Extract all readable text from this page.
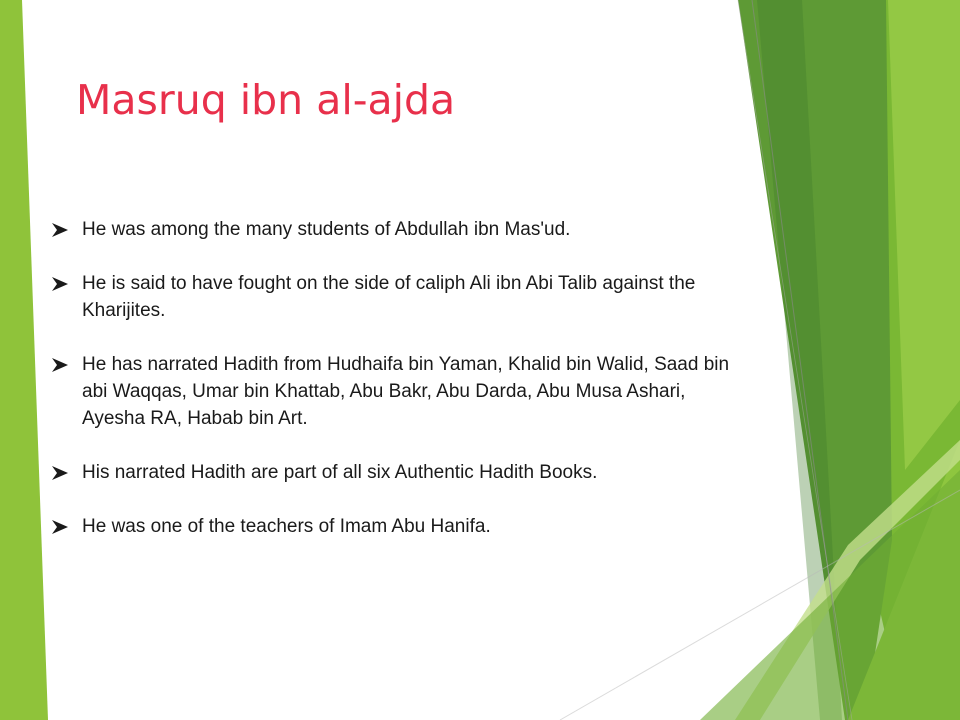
Masruq ibn al-ajda
He was among the many students of Abdullah ibn Mas'ud.
He is said to have fought on the side of caliph Ali ibn Abi Talib against the Kharijites.
He has narrated Hadith from Hudhaifa bin Yaman, Khalid bin Walid, Saad bin abi Waqqas, Umar bin Khattab, Abu Bakr, Abu Darda, Abu Musa Ashari, Ayesha RA, Habab bin Art.
His narrated Hadith are part of all six Authentic Hadith Books.
He was one of the teachers of Imam Abu Hanifa.
